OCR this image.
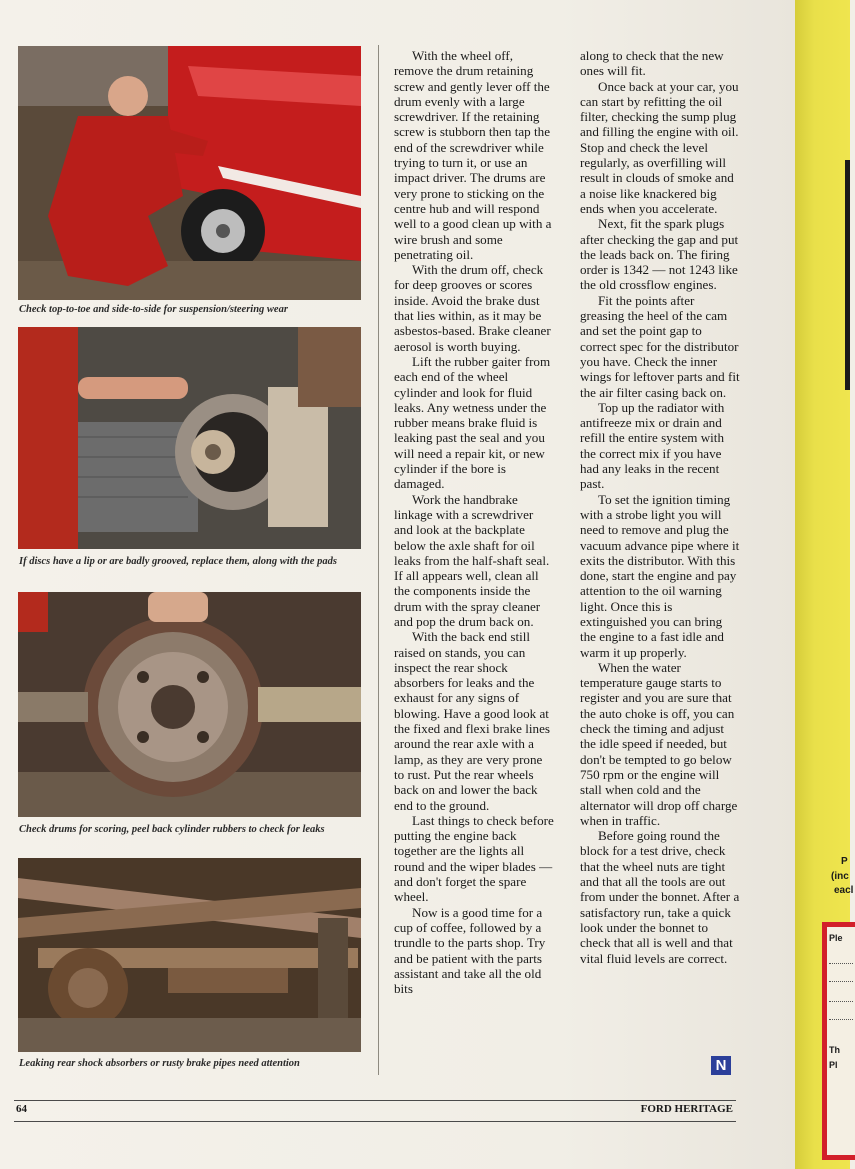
Check top-to-toe and side-to-side for suspension/steering wear
If discs have a lip or are badly grooved, replace them, along with the pads
Check drums for scoring, peel back cylinder rubbers to check for leaks
Leaking rear shock absorbers or rusty brake pipes need attention

With the wheel off, remove the drum retaining screw and gently lever off the drum evenly with a large screwdriver. If the retaining screw is stubborn then tap the end of the screwdriver while trying to turn it, or use an impact driver. The drums are very prone to sticking on the centre hub and will respond well to a good clean up with a wire brush and some penetrating oil.

With the drum off, check for deep grooves or scores inside. Avoid the brake dust that lies within, as it may be asbestos-based. Brake cleaner aerosol is worth buying.

Lift the rubber gaiter from each end of the wheel cylinder and look for fluid leaks. Any wetness under the rubber means brake fluid is leaking past the seal and you will need a repair kit, or new cylinder if the bore is damaged.

Work the handbrake linkage with a screwdriver and look at the backplate below the axle shaft for oil leaks from the half-shaft seal. If all appears well, clean all the components inside the drum with the spray cleaner and pop the drum back on.

With the back end still raised on stands, you can inspect the rear shock absorbers for leaks and the exhaust for any signs of blowing. Have a good look at the fixed and flexi brake lines around the rear axle with a lamp, as they are very prone to rust. Put the rear wheels back on and lower the back end to the ground.

Last things to check before putting the engine back together are the lights all round and the wiper blades — and don't forget the spare wheel.

Now is a good time for a cup of coffee, followed by a trundle to the parts shop. Try and be patient with the parts assistant and take all the old bits

along to check that the new ones will fit.

Once back at your car, you can start by refitting the oil filter, checking the sump plug and filling the engine with oil. Stop and check the level regularly, as overfilling will result in clouds of smoke and a noise like knackered big ends when you accelerate.

Next, fit the spark plugs after checking the gap and put the leads back on. The firing order is 1342 — not 1243 like the old crossflow engines.

Fit the points after greasing the heel of the cam and set the point gap to correct spec for the distributor you have. Check the inner wings for leftover parts and fit the air filter casing back on.

Top up the radiator with antifreeze mix or drain and refill the entire system with the correct mix if you have had any leaks in the recent past.

To set the ignition timing with a strobe light you will need to remove and plug the vacuum advance pipe where it exits the distributor. With this done, start the engine and pay attention to the oil warning light. Once this is extinguished you can bring the engine to a fast idle and warm it up properly.

When the water temperature gauge starts to register and you are sure that the auto choke is off, you can check the timing and adjust the idle speed if needed, but don't be tempted to go below 750 rpm or the engine will stall when cold and the alternator will drop off charge when in traffic.

Before going round the block for a test drive, check that the wheel nuts are tight and that all the tools are out from under the bonnet. After a satisfactory run, take a quick look under the bonnet to check that all is well and that vital fluid levels are correct.

N
64	FORD HERITAGE
P
(inc
eacl
Ple
Th
Pl
